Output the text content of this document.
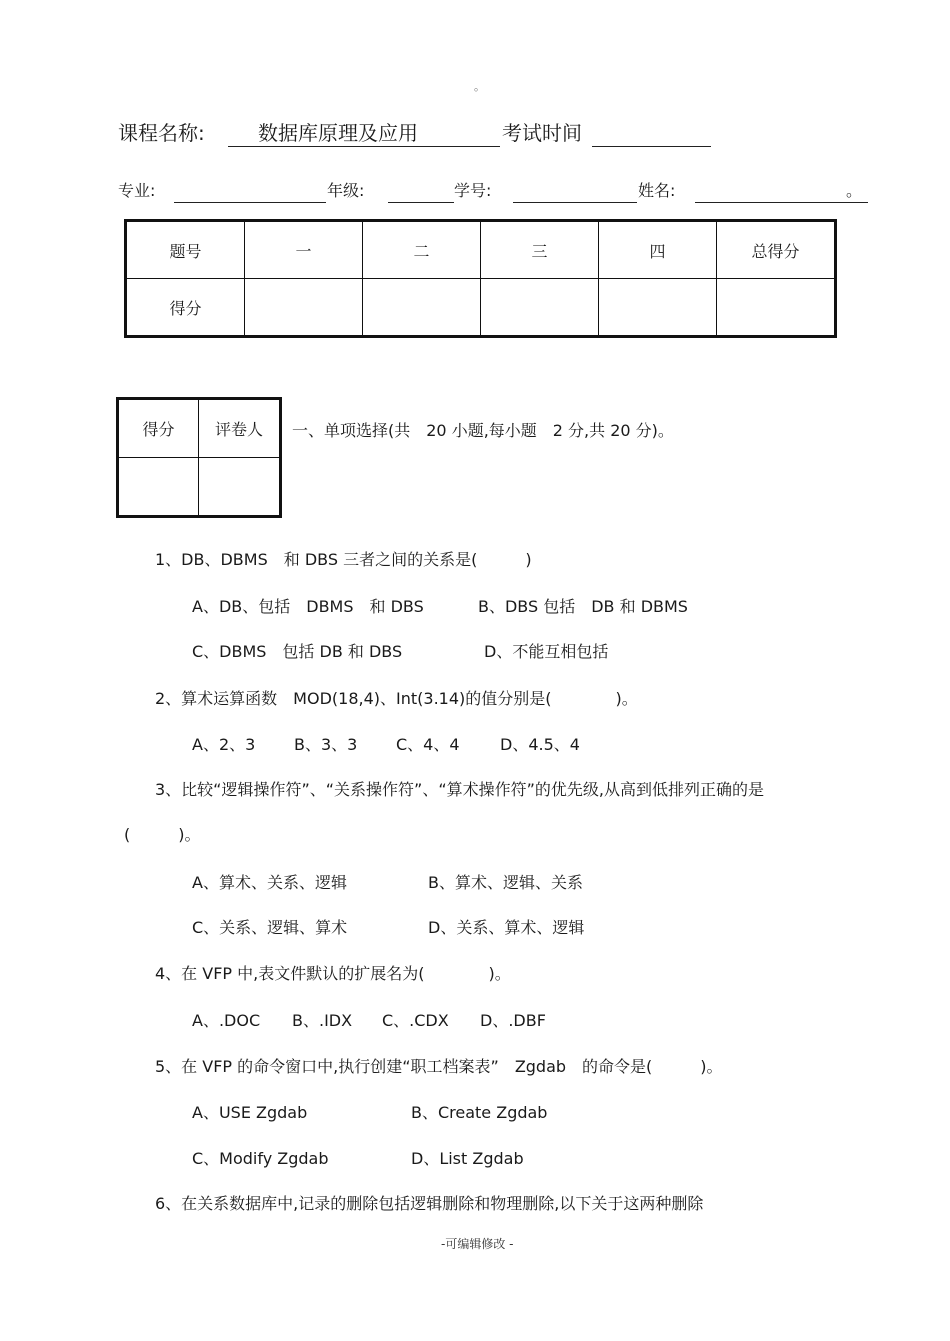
。
课程名称:	数据库原理及应用	考试时间
专业:	年级:	学号:	姓名:	。
题号	一	二	三	四	总得分
得分					
得分	评卷人
	一、单项选择(共　20 小题,每小题　2 分,共 20 分)。
1、DB、DBMS　和 DBS 三者之间的关系是(　　　)
A、DB、包括　DBMS　和 DBS	B、DBS 包括　DB 和 DBMS
C、DBMS　包括 DB 和 DBS	D、不能互相包括
2、算术运算函数　MOD(18,4)、Int(3.14)的值分别是(　　　　)。
A、2、3 B、3、3 C、4、4	D、4.5、4
3、比较“逻辑操作符”、“关系操作符”、“算术操作符”的优先级,从高到低排列正确的是
(　　　)。
A、算术、关系、逻辑	B、算术、逻辑、关系
C、关系、逻辑、算术	D、关系、算术、逻辑
4、在 VFP 中,表文件默认的扩展名为(　　　　)。
A、.DOC B、.IDX C、.CDX D、.DBF
5、在 VFP 的命令窗口中,执行创建“职工档案表”　Zgdab　的命令是(　　　)。
A、USE Zgdab	B、Create Zgdab
C、Modify Zgdab	D、List Zgdab
6、在关系数据库中,记录的删除包括逻辑删除和物理删除,以下关于这两种删除
-可编辑修改 -
